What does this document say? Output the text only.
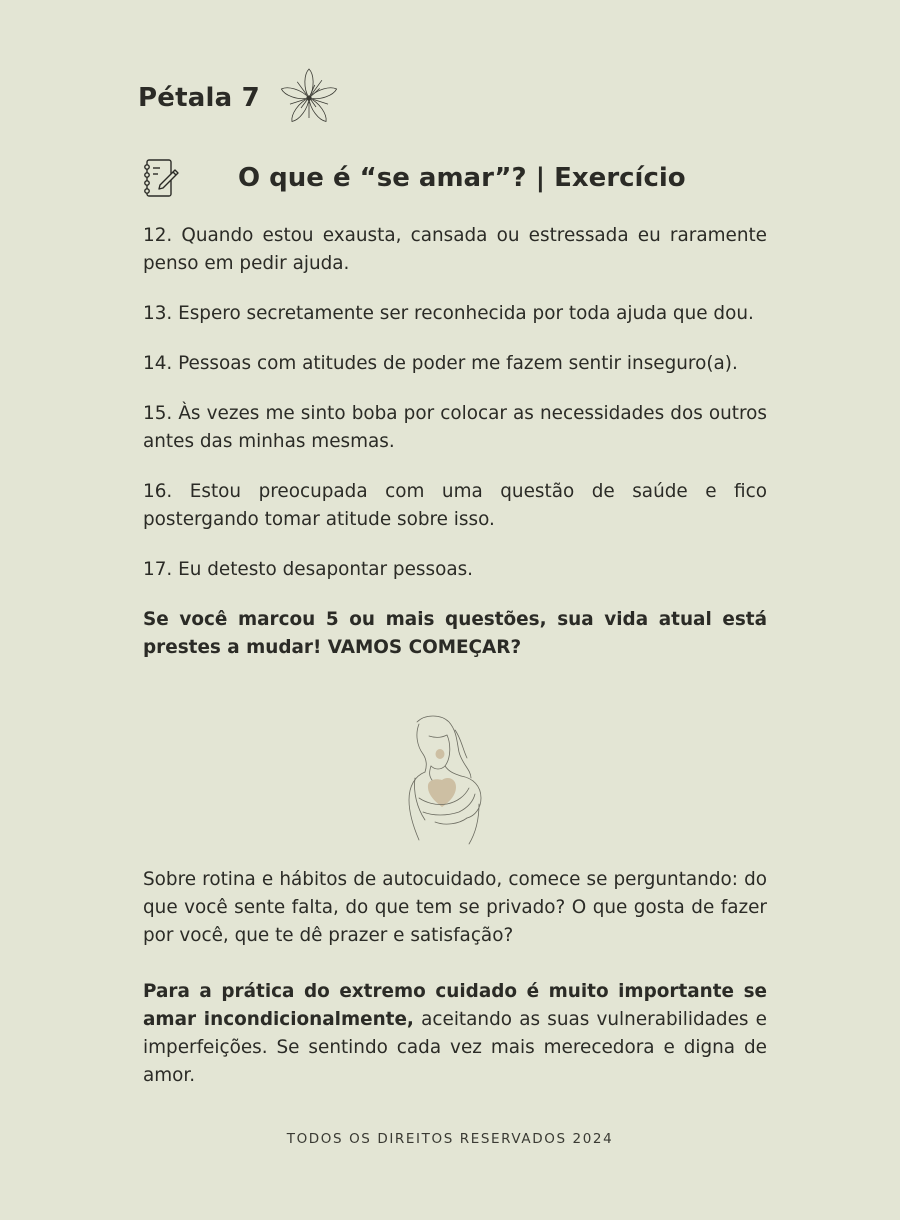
Pétala 7
O que é “se amar”? | Exercício

12. Quando estou exausta, cansada ou estressada eu raramente penso em pedir ajuda.

13. Espero secretamente ser reconhecida por toda ajuda que dou.

14. Pessoas com atitudes de poder me fazem sentir inseguro(a).

15. Às vezes me sinto boba por colocar as necessidades dos outros antes das minhas mesmas.

16. Estou preocupada com uma questão de saúde e fico postergando tomar atitude sobre isso.

17. Eu detesto desapontar pessoas.

Se você marcou 5 ou mais questões, sua vida atual está prestes a mudar! VAMOS COMEÇAR?

Sobre rotina e hábitos de autocuidado, comece se perguntando: do que você sente falta, do que tem se privado? O que gosta de fazer por você, que te dê prazer e satisfação?

Para a prática do extremo cuidado é muito importante se amar incondicionalmente, aceitando as suas vulnerabilidades e imperfeições. Se sentindo cada vez mais merecedora e digna de amor.

TODOS OS DIREITOS RESERVADOS 2024
